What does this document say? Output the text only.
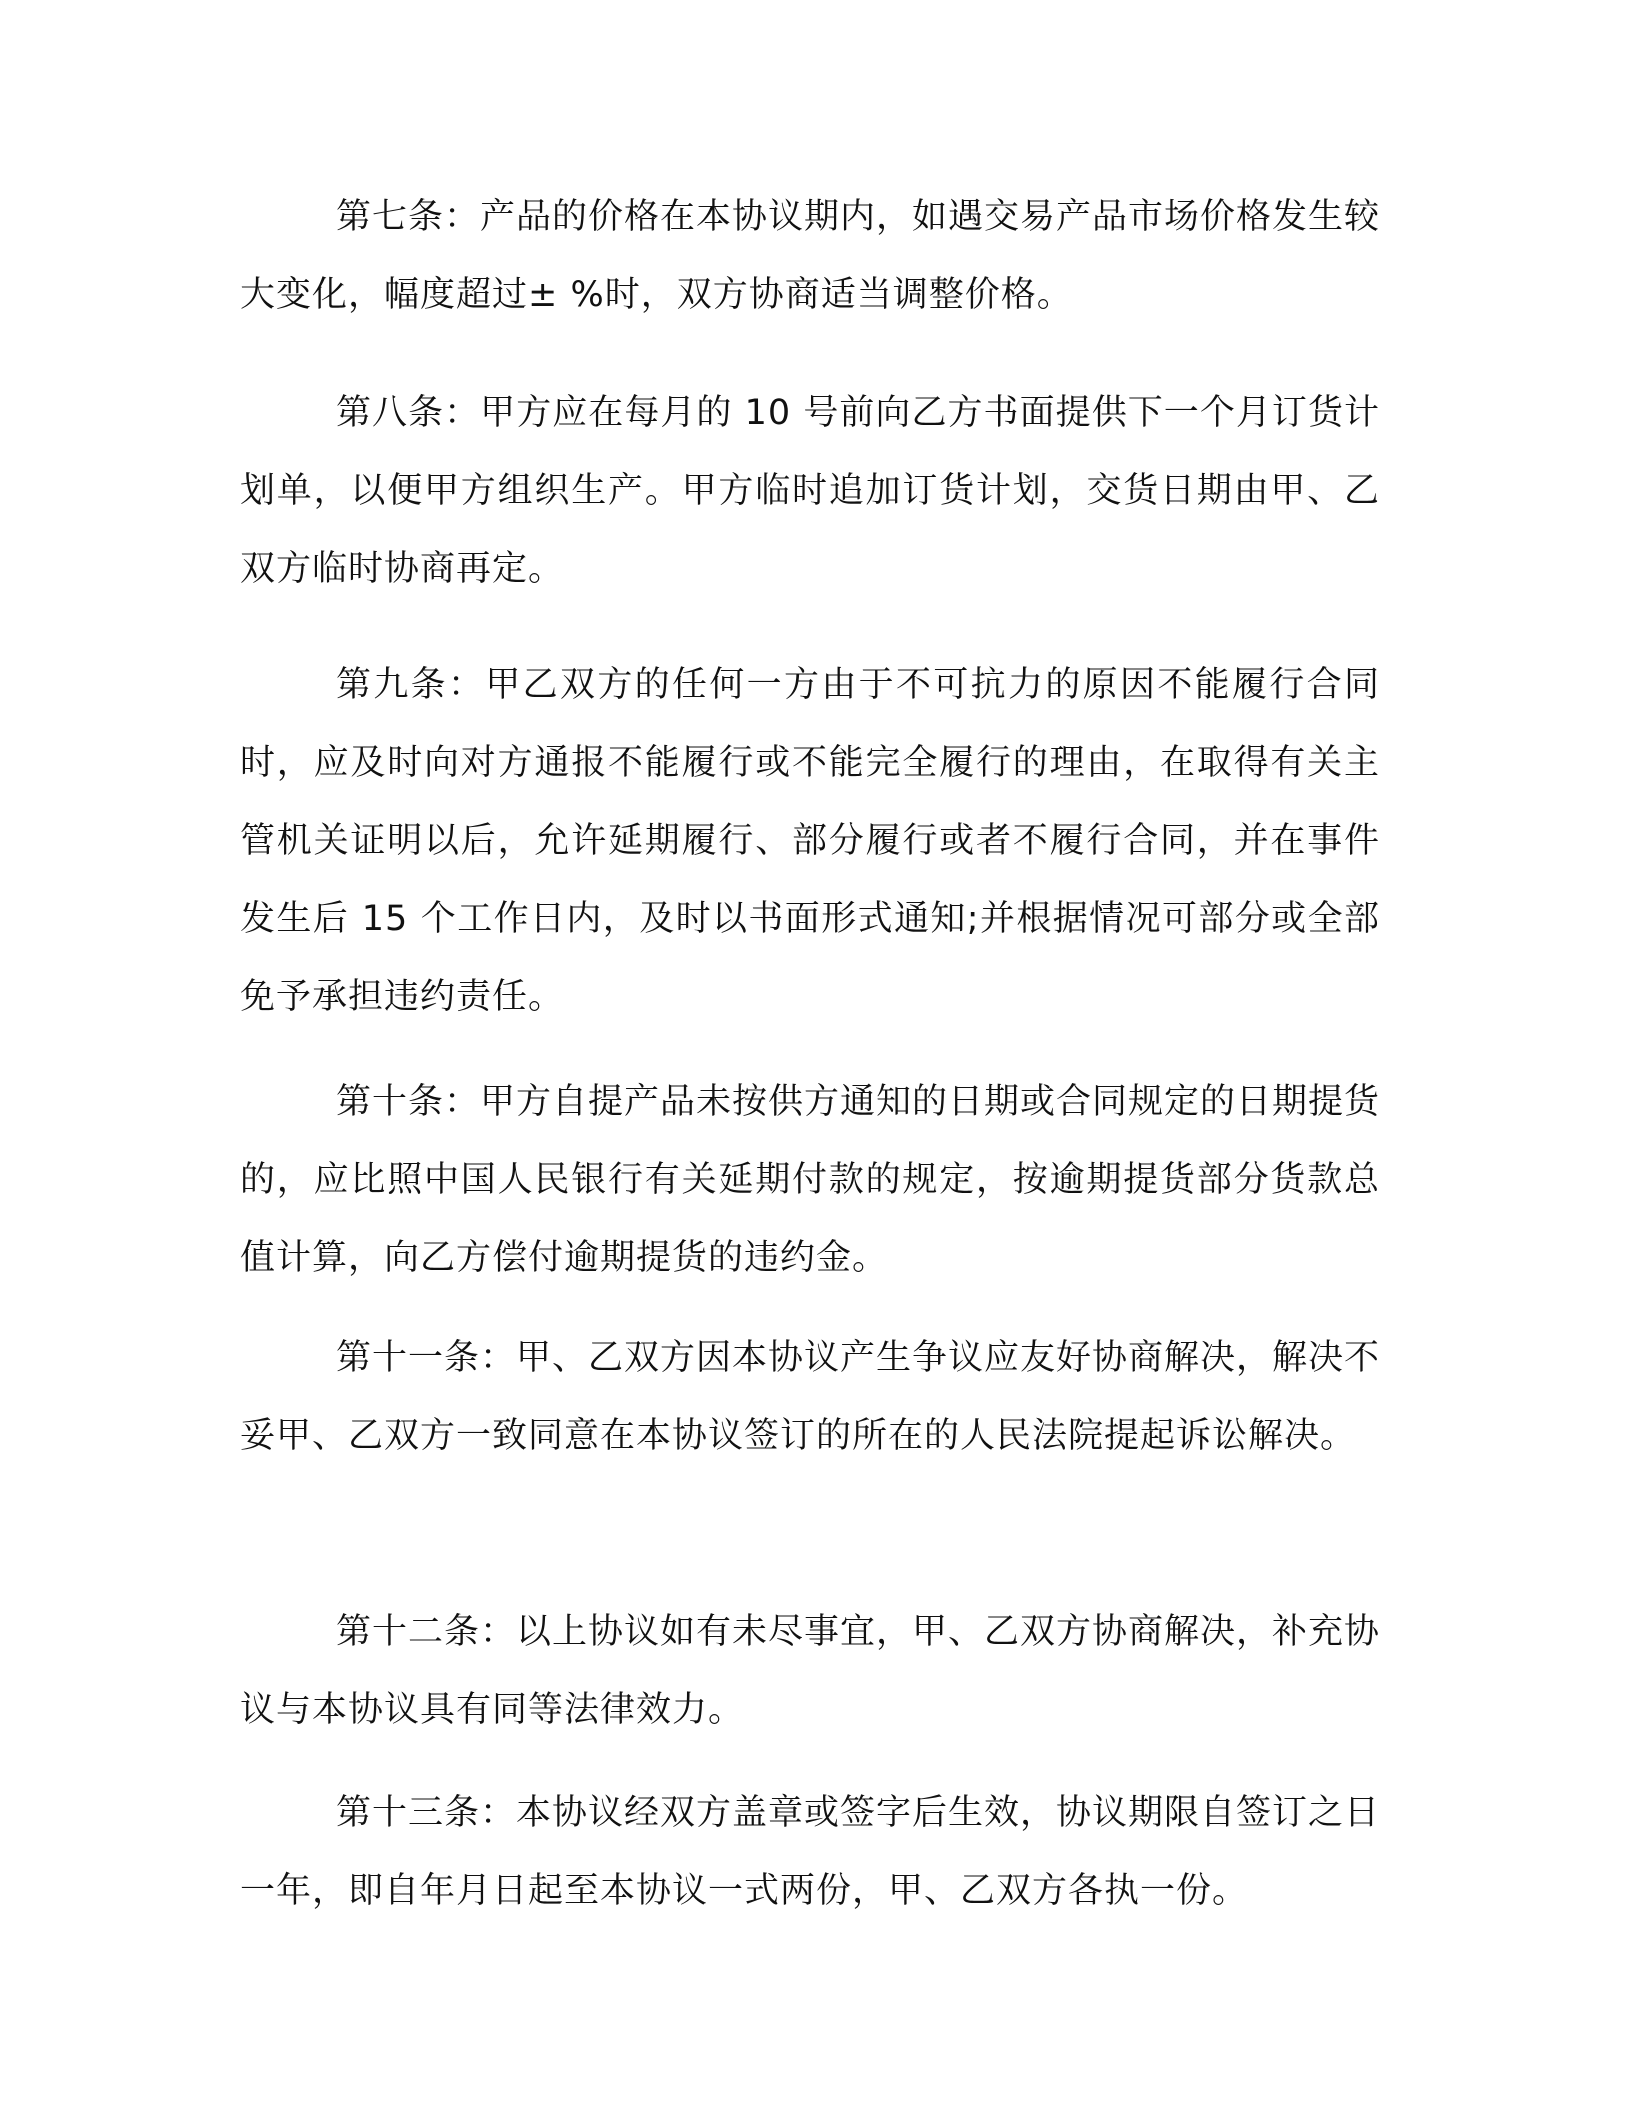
第七条：产品的价格在本协议期内，如遇交易产品市场价格发生较大变化，幅度超过± %时，双方协商适当调整价格。

第八条：甲方应在每月的 10 号前向乙方书面提供下一个月订货计划单，以便甲方组织生产。甲方临时追加订货计划，交货日期由甲、乙双方临时协商再定。

第九条：甲乙双方的任何一方由于不可抗力的原因不能履行合同时，应及时向对方通报不能履行或不能完全履行的理由，在取得有关主管机关证明以后，允许延期履行、部分履行或者不履行合同，并在事件发生后 15 个工作日内，及时以书面形式通知;并根据情况可部分或全部免予承担违约责任。

第十条：甲方自提产品未按供方通知的日期或合同规定的日期提货的，应比照中国人民银行有关延期付款的规定，按逾期提货部分货款总值计算，向乙方偿付逾期提货的违约金。

第十一条：甲、乙双方因本协议产生争议应友好协商解决，解决不妥甲、乙双方一致同意在本协议签订的所在的人民法院提起诉讼解决。

第十二条：以上协议如有未尽事宜，甲、乙双方协商解决，补充协议与本协议具有同等法律效力。

第十三条：本协议经双方盖章或签字后生效，协议期限自签订之日一年，即自年月日起至本协议一式两份，甲、乙双方各执一份。
